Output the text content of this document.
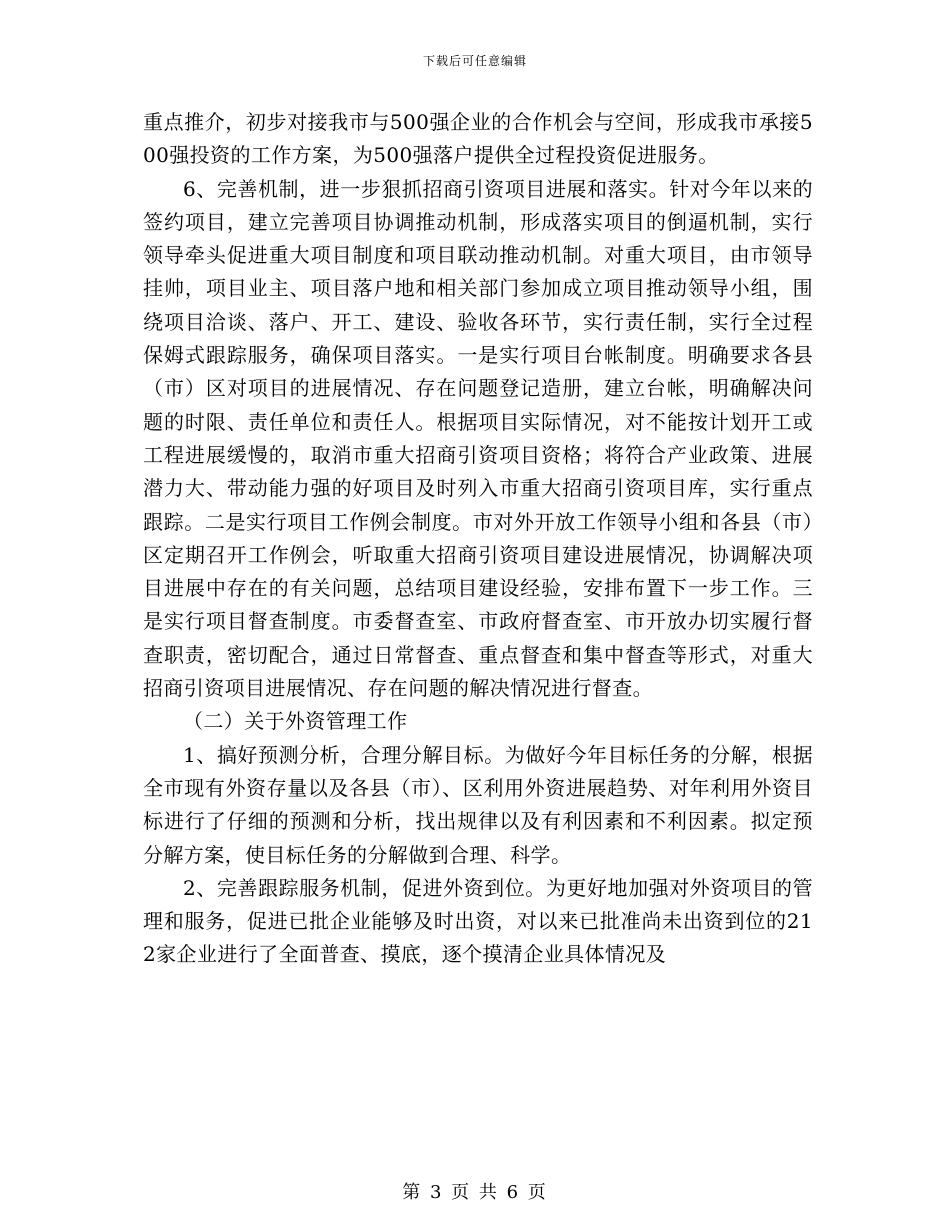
下载后可任意编辑

重点推介，初步对接我市与500强企业的合作机会与空间，形成我市承接500强投资的工作方案，为500强落户提供全过程投资促进服务。

6、完善机制，进一步狠抓招商引资项目进展和落实。针对今年以来的签约项目，建立完善项目协调推动机制，形成落实项目的倒逼机制，实行领导牵头促进重大项目制度和项目联动推动机制。对重大项目，由市领导挂帅，项目业主、项目落户地和相关部门参加成立项目推动领导小组，围绕项目洽谈、落户、开工、建设、验收各环节，实行责任制，实行全过程保姆式跟踪服务，确保项目落实。一是实行项目台帐制度。明确要求各县（市）区对项目的进展情况、存在问题登记造册，建立台帐，明确解决问题的时限、责任单位和责任人。根据项目实际情况，对不能按计划开工或工程进展缓慢的，取消市重大招商引资项目资格；将符合产业政策、进展潜力大、带动能力强的好项目及时列入市重大招商引资项目库，实行重点跟踪。二是实行项目工作例会制度。市对外开放工作领导小组和各县（市）区定期召开工作例会，听取重大招商引资项目建设进展情况，协调解决项目进展中存在的有关问题，总结项目建设经验，安排布置下一步工作。三是实行项目督查制度。市委督查室、市政府督查室、市开放办切实履行督查职责，密切配合，通过日常督查、重点督查和集中督查等形式，对重大招商引资项目进展情况、存在问题的解决情况进行督查。

（二）关于外资管理工作

1、搞好预测分析，合理分解目标。为做好今年目标任务的分解，根据全市现有外资存量以及各县（市）、区利用外资进展趋势、对年利用外资目标进行了仔细的预测和分析，找出规律以及有利因素和不利因素。拟定预分解方案，使目标任务的分解做到合理、科学。

2、完善跟踪服务机制，促进外资到位。为更好地加强对外资项目的管理和服务，促进已批企业能够及时出资，对以来已批准尚未出资到位的212家企业进行了全面普查、摸底，逐个摸清企业具体情况及

第 3 页 共 6 页
